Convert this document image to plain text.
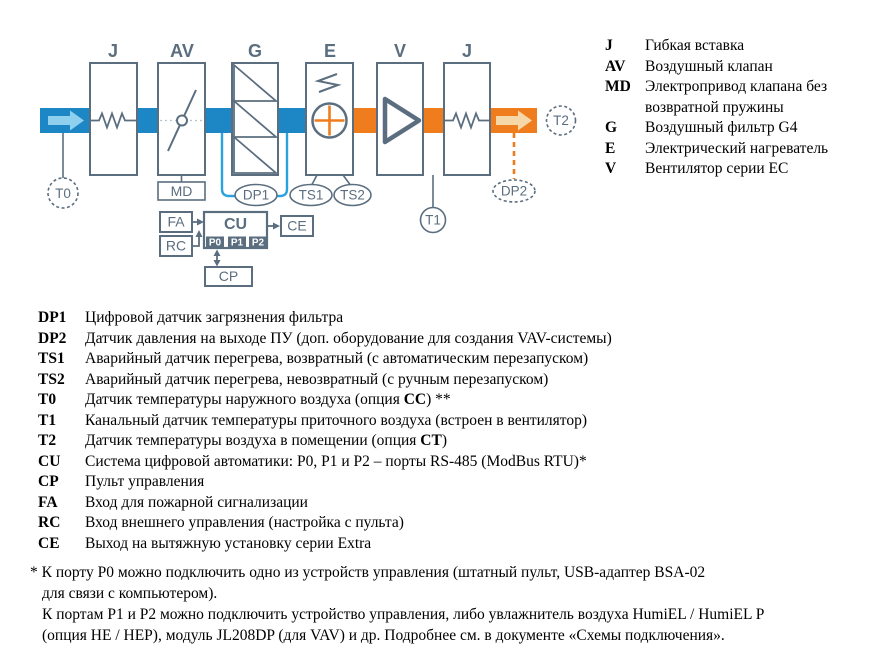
J	AV	G	E	V	J
T0	MD	DP1 TS1 TS2
T1
DP2
T2
FA
RC
CU
P0 P1 P2
CE
CP
J	Гибкая вставка
AV	Воздушный клапан
MD Электропривод клапана без возвратной пружины
G	Воздушный фильтр G4
E	Электрический нагреватель
V	Вентилятор серии EC
DP1	Цифровой датчик загрязнения фильтра
DP2	Датчик давления на выходе ПУ (доп. оборудование для создания VAV-системы)
TS1	Аварийный датчик перегрева, возвратный (с автоматическим перезапуском)
TS2	Аварийный датчик перегрева, невозвратный (с ручным перезапуском)
T0	Датчик температуры наружного воздуха (опция CC) **
T1	Канальный датчик температуры приточного воздуха (встроен в вентилятор)
T2	Датчик температуры воздуха в помещении (опция CT)
CU	Система цифровой автоматики: P0, P1 и P2 – порты RS-485 (ModBus RTU)*
CP	Пульт управления
FA	Вход для пожарной сигнализации
RC	Вход внешнего управления (настройка с пульта)
CE	Выход на вытяжную установку серии Extra
* К порту P0 можно подключить одно из устройств управления (штатный пульт, USB-адаптер BSA-02
для связи с компьютером).
К портам P1 и P2 можно подключить устройство управления, либо увлажнитель воздуха HumiEL / HumiEL P
(опция HE / HEP), модуль JL208DP (для VAV) и др. Подробнее см. в документе «Схемы подключения».
